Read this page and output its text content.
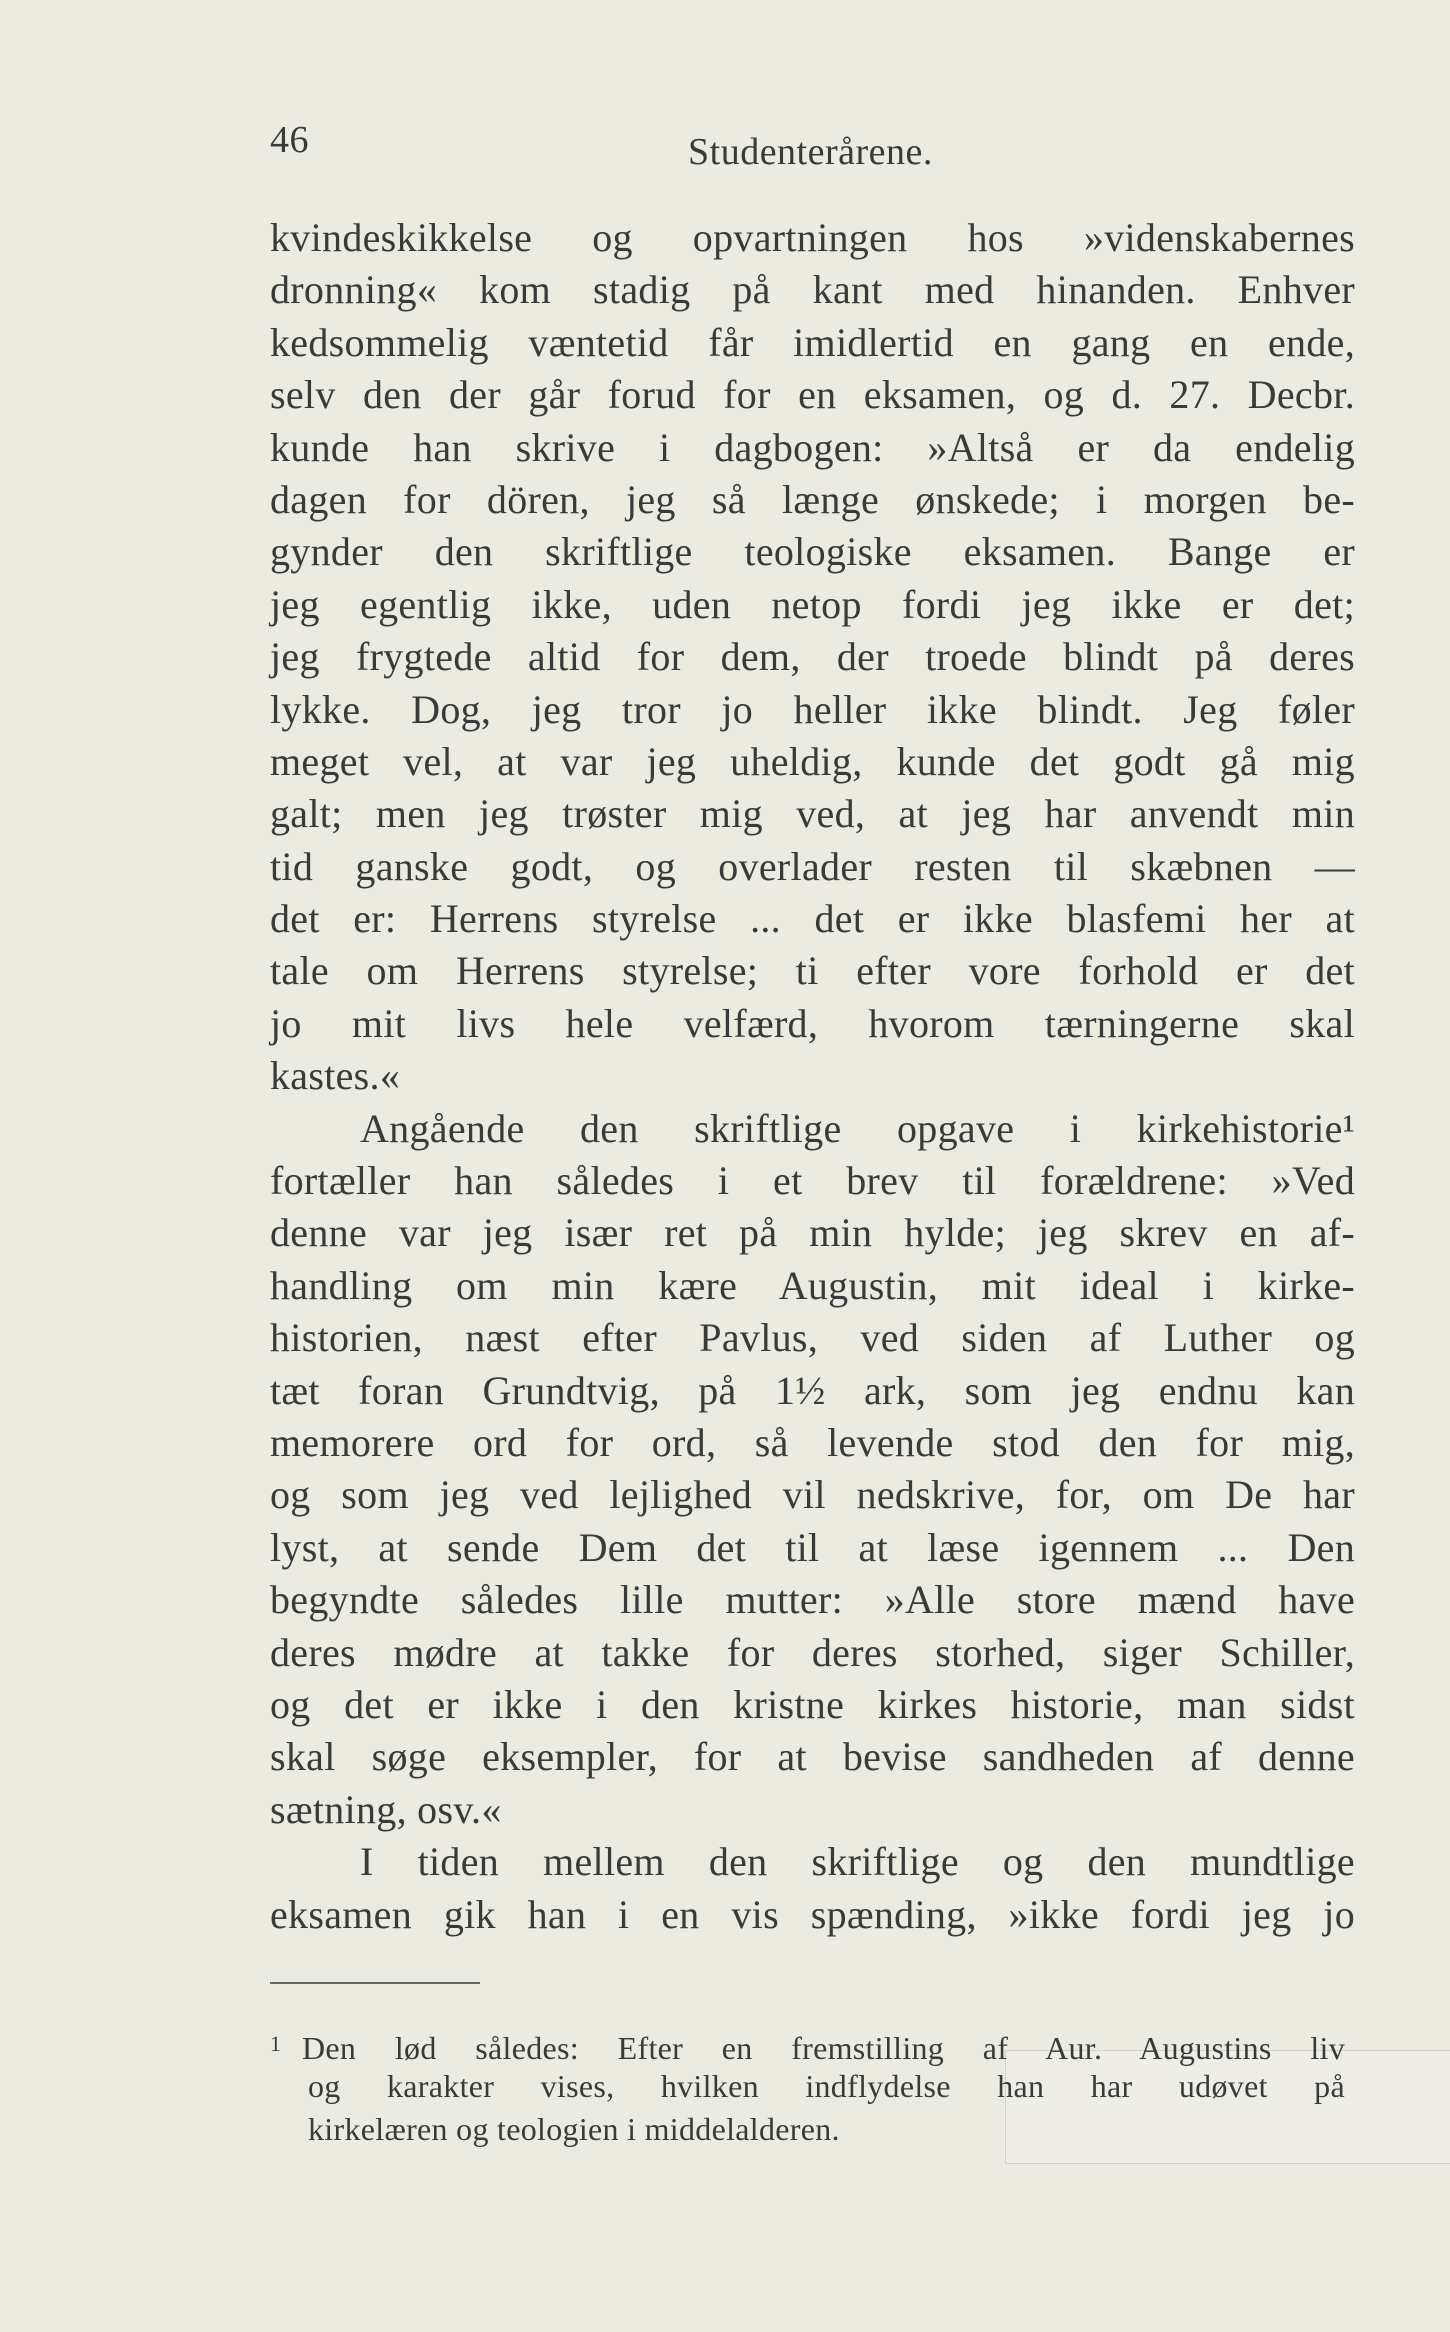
46	Studenterårene.
kvindeskikkelse og opvartningen hos »videnskabernes
dronning« kom stadig på kant med hinanden. Enhver
kedsommelig væntetid får imidlertid en gang en ende,
selv den der går forud for en eksamen, og d. 27. Decbr.
kunde han skrive i dagbogen: »Altså er da endelig
dagen for dören, jeg så længe ønskede; i morgen be-
gynder den skriftlige teologiske eksamen. Bange er
jeg egentlig ikke, uden netop fordi jeg ikke er det;
jeg frygtede altid for dem, der troede blindt på deres
lykke. Dog, jeg tror jo heller ikke blindt. Jeg føler
meget vel, at var jeg uheldig, kunde det godt gå mig
galt; men jeg trøster mig ved, at jeg har anvendt min
tid ganske godt, og overlader resten til skæbnen —
det er: Herrens styrelse ... det er ikke blasfemi her at
tale om Herrens styrelse; ti efter vore forhold er det
jo mit livs hele velfærd, hvorom tærningerne skal
kastes.«
Angående den skriftlige opgave i kirkehistorie¹
fortæller han således i et brev til forældrene: »Ved
denne var jeg især ret på min hylde; jeg skrev en af-
handling om min kære Augustin, mit ideal i kirke-
historien, næst efter Pavlus, ved siden af Luther og
tæt foran Grundtvig, på 1½ ark, som jeg endnu kan
memorere ord for ord, så levende stod den for mig,
og som jeg ved lejlighed vil nedskrive, for, om De har
lyst, at sende Dem det til at læse igennem ... Den
begyndte således lille mutter: »Alle store mænd have
deres mødre at takke for deres storhed, siger Schiller,
og det er ikke i den kristne kirkes historie, man sidst
skal søge eksempler, for at bevise sandheden af denne
sætning, osv.«
I tiden mellem den skriftlige og den mundtlige
eksamen gik han i en vis spænding, »ikke fordi jeg jo
1 Den lød således: Efter en fremstilling af Aur. Augustins liv
og karakter vises, hvilken indflydelse han har udøvet på
kirkelæren og teologien i middelalderen.
